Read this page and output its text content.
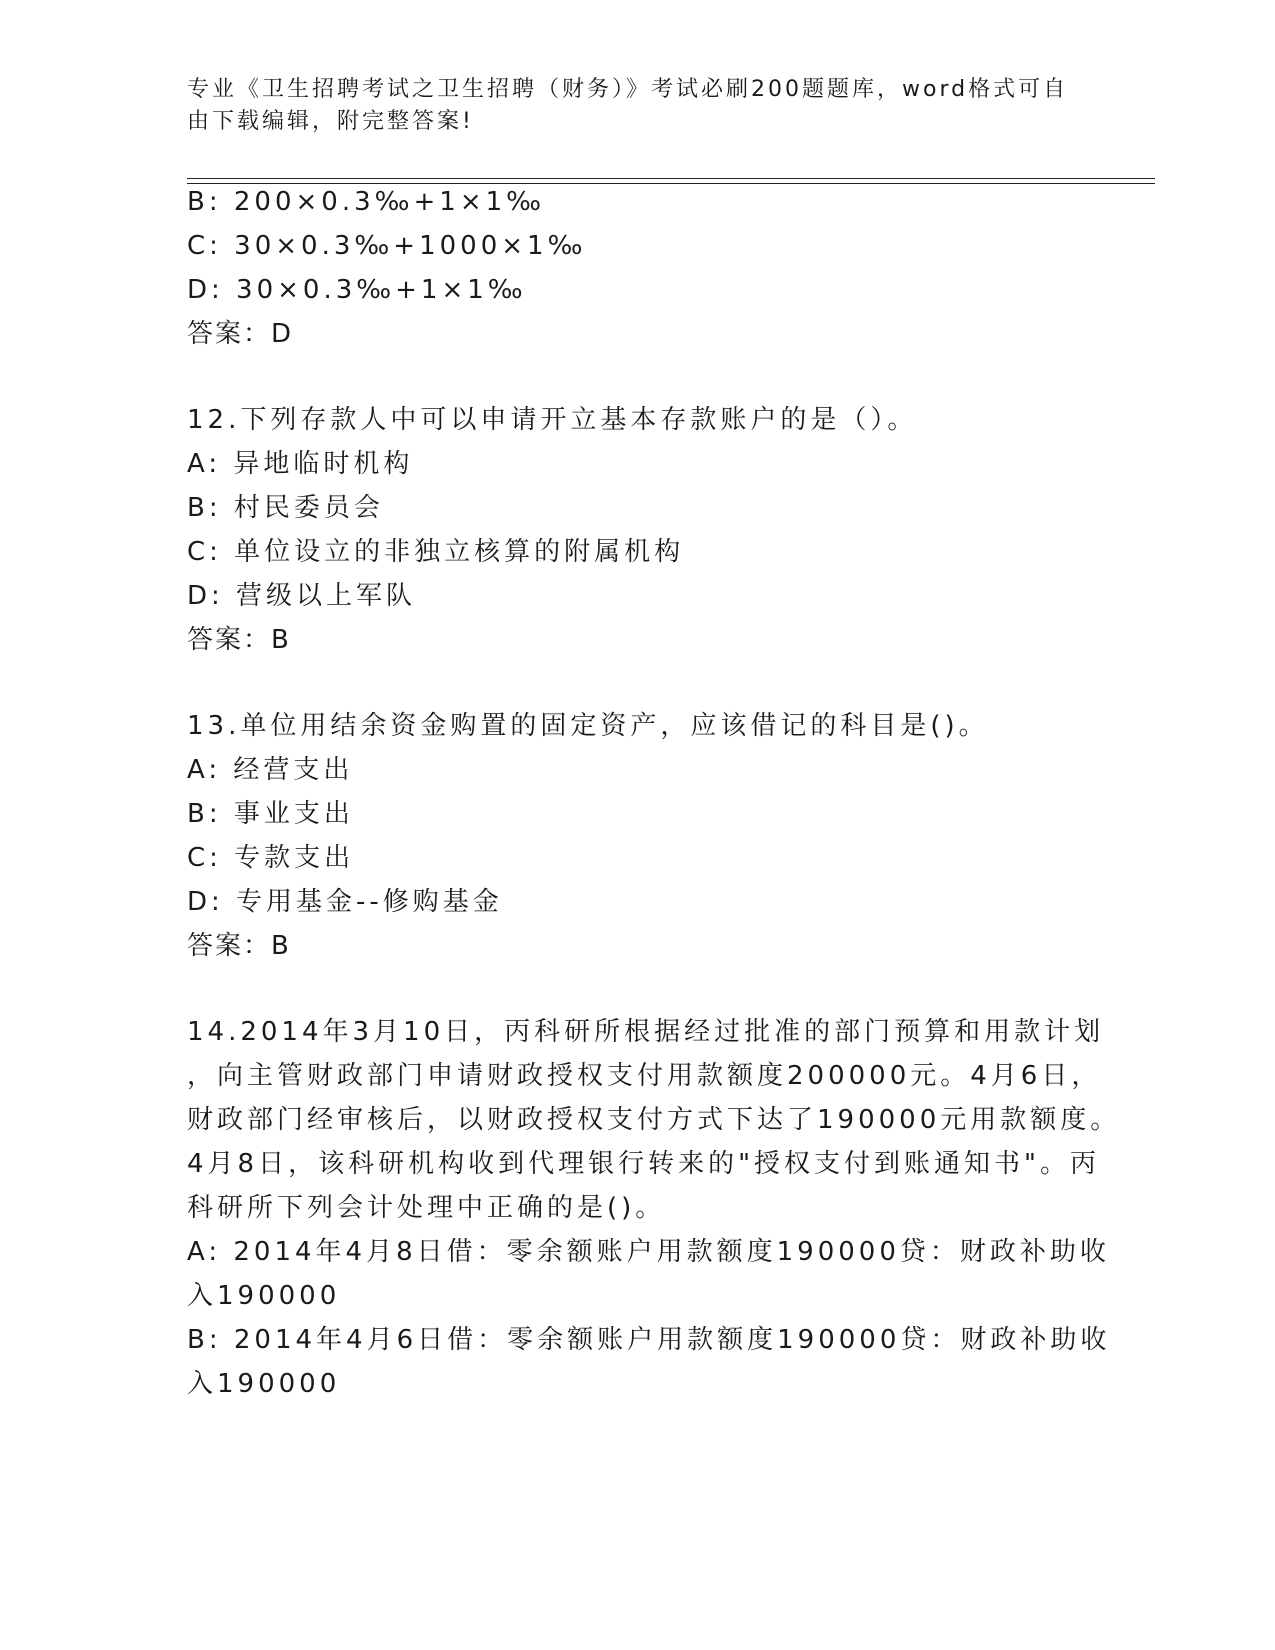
专业《卫生招聘考试之卫生招聘（财务）》考试必刷200题题库，word格式可自
由下载编辑，附完整答案!
B: 200×0.3‰+1×1‰
C: 30×0.3‰+1000×1‰
D: 30×0.3‰+1×1‰
答案：D
12.下列存款人中可以申请开立基本存款账户的是（）。
A: 异地临时机构
B: 村民委员会
C: 单位设立的非独立核算的附属机构
D: 营级以上军队
答案：B
13.单位用结余资金购置的固定资产，应该借记的科目是()。
A: 经营支出
B: 事业支出
C: 专款支出
D: 专用基金--修购基金
答案：B
14.2014年3月10日，丙科研所根据经过批准的部门预算和用款计划
，向主管财政部门申请财政授权支付用款额度200000元。4月6日，
财政部门经审核后，以财政授权支付方式下达了190000元用款额度。
4月8日，该科研机构收到代理银行转来的"授权支付到账通知书"。丙
科研所下列会计处理中正确的是()。
A: 2014年4月8日借：零余额账户用款额度190000贷：财政补助收
入190000
B: 2014年4月6日借：零余额账户用款额度190000贷：财政补助收
入190000
